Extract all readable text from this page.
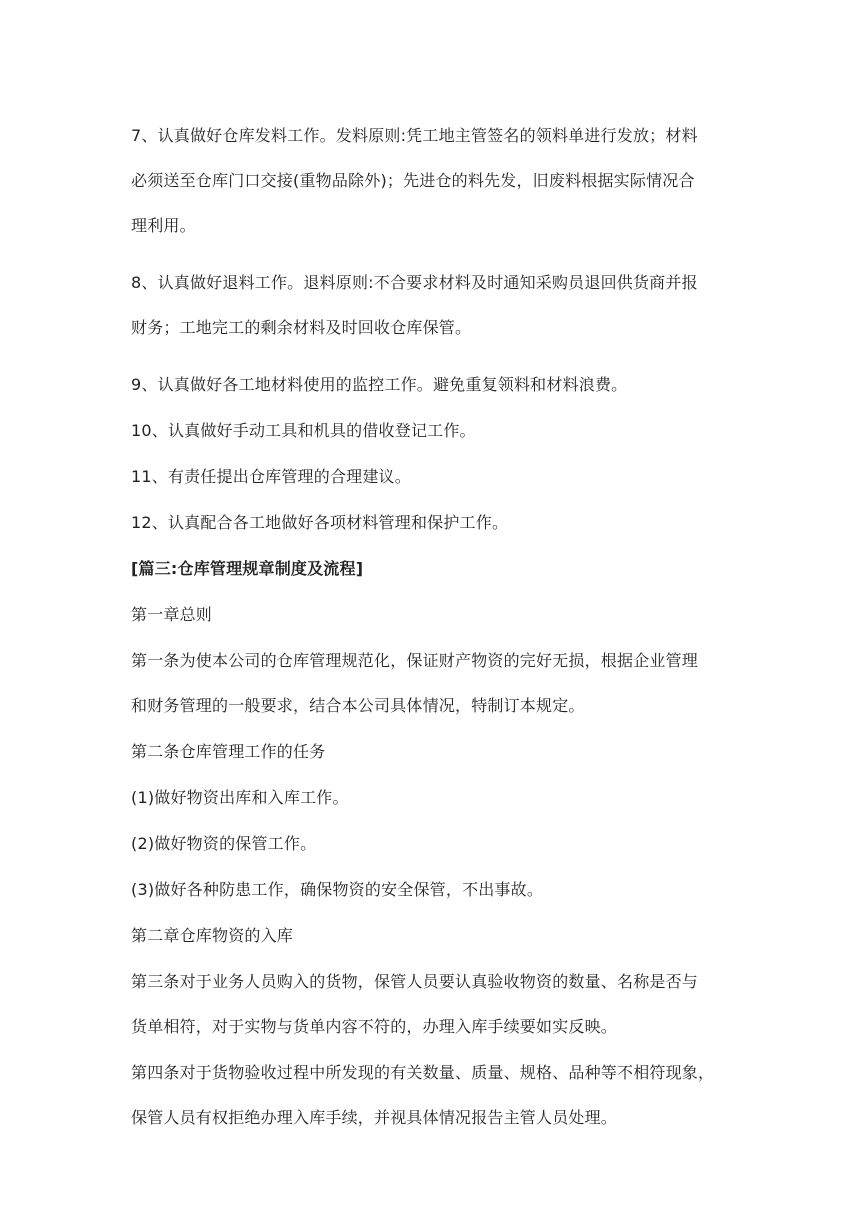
7、认真做好仓库发料工作。发料原则:凭工地主管签名的领料单进行发放；材料
必须送至仓库门口交接(重物品除外)；先进仓的料先发，旧废料根据实际情况合
理利用。

8、认真做好退料工作。退料原则:不合要求材料及时通知采购员退回供货商并报
财务；工地完工的剩余材料及时回收仓库保管。

9、认真做好各工地材料使用的监控工作。避免重复领料和材料浪费。

10、认真做好手动工具和机具的借收登记工作。

11、有责任提出仓库管理的合理建议。

12、认真配合各工地做好各项材料管理和保护工作。

[篇三:仓库管理规章制度及流程]

第一章总则

第一条为使本公司的仓库管理规范化，保证财产物资的完好无损，根据企业管理
和财务管理的一般要求，结合本公司具体情况，特制订本规定。

第二条仓库管理工作的任务

(1)做好物资出库和入库工作。

(2)做好物资的保管工作。

(3)做好各种防患工作，确保物资的安全保管，不出事故。

第二章仓库物资的入库

第三条对于业务人员购入的货物，保管人员要认真验收物资的数量、名称是否与
货单相符，对于实物与货单内容不符的，办理入库手续要如实反映。

第四条对于货物验收过程中所发现的有关数量、质量、规格、品种等不相符现象，
保管人员有权拒绝办理入库手续，并视具体情况报告主管人员处理。
